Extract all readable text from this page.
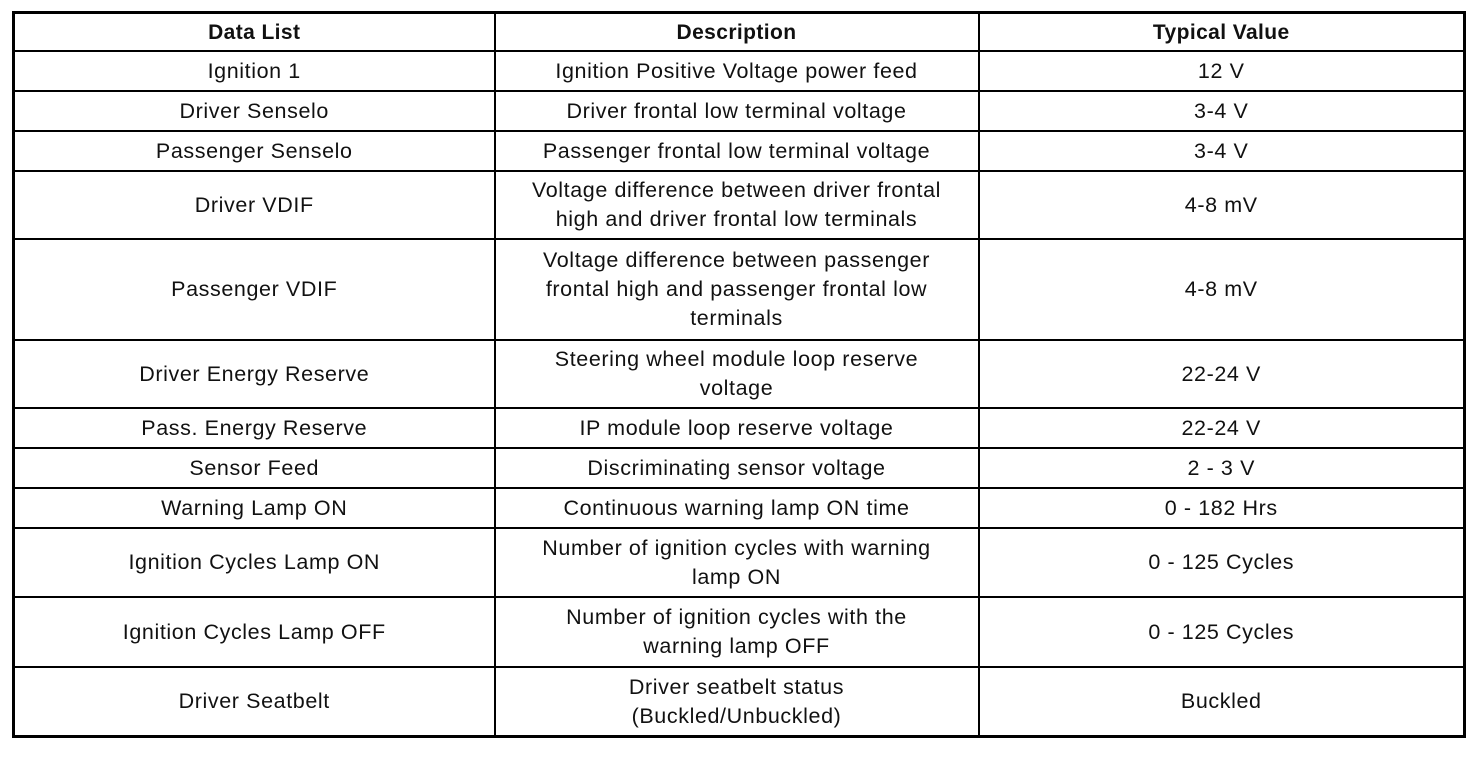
Data List	Description	Typical Value

Ignition 1	Ignition Positive Voltage power feed	12 V

Driver Senselo	Driver frontal low terminal voltage	3-4 V

Passenger Senselo	Passenger frontal low terminal voltage	3-4 V

Driver VDIF	Voltage difference between driver frontal
high and driver frontal low terminals	4-8 mV

Passenger VDIF	Voltage difference between passenger
frontal high and passenger frontal low
terminals	4-8 mV

Driver Energy Reserve	Steering wheel module loop reserve
voltage	22-24 V

Pass. Energy Reserve	IP module loop reserve voltage	22-24 V

Sensor Feed	Discriminating sensor voltage	2 - 3 V

Warning Lamp ON	Continuous warning lamp ON time	0 - 182 Hrs

Ignition Cycles Lamp ON	Number of ignition cycles with warning
lamp ON	0 - 125 Cycles

Ignition Cycles Lamp OFF	Number of ignition cycles with the
warning lamp OFF	0 - 125 Cycles

Driver Seatbelt	Driver seatbelt status
(Buckled/Unbuckled)	Buckled
